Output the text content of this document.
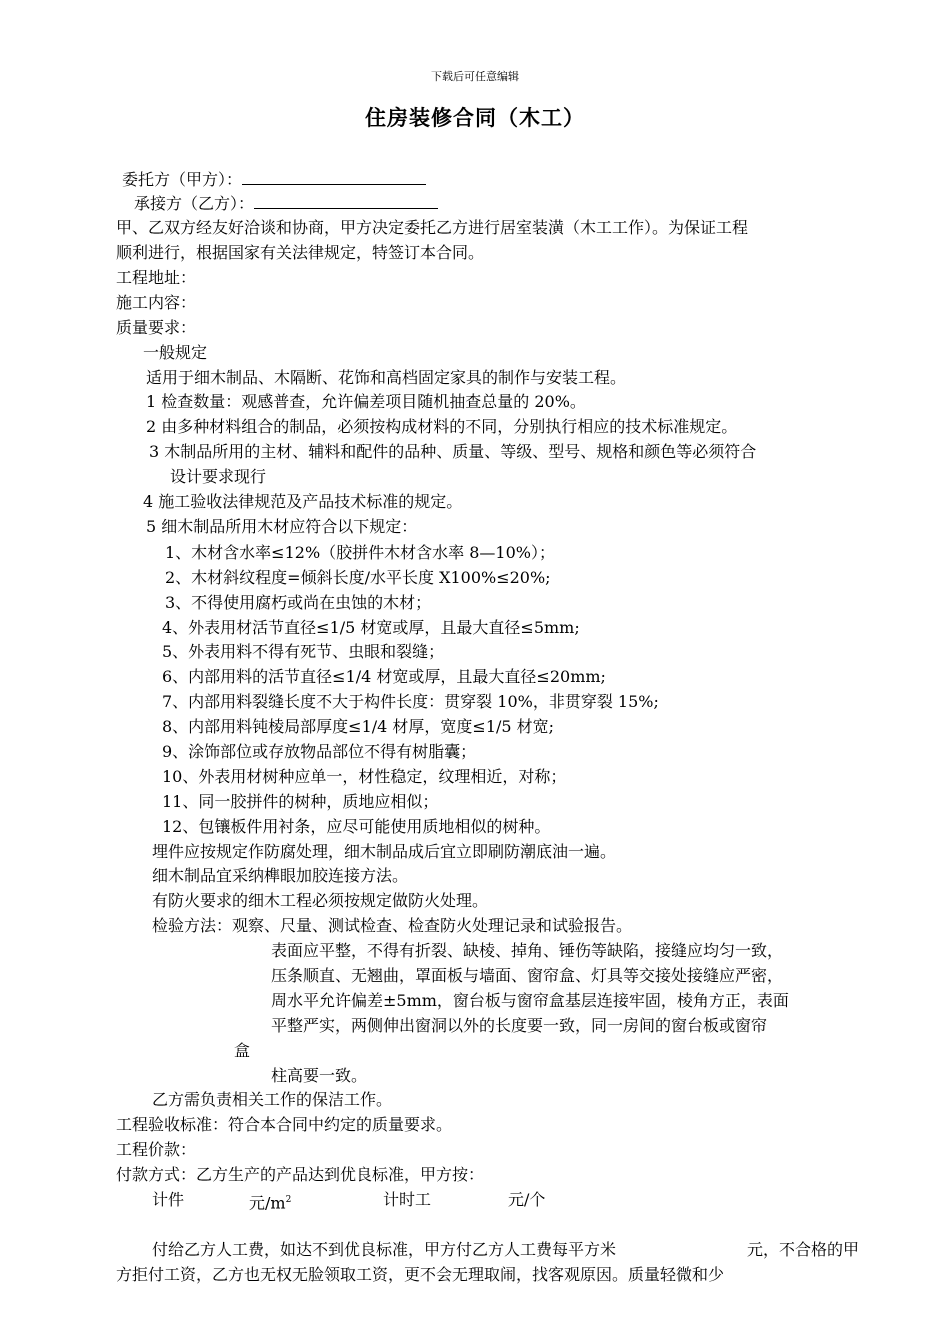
下载后可任意编辑
住房装修合同（木工）
委托方（甲方）：
承接方（乙方）：
甲、乙双方经友好洽谈和协商，甲方决定委托乙方进行居室装潢（木工工作）。为保证工程
顺利进行，根据国家有关法律规定，特签订本合同。
工程地址：
施工内容：
质量要求：
一般规定
适用于细木制品、木隔断、花饰和高档固定家具的制作与安装工程。
1 检查数量：观感普查，允许偏差项目随机抽查总量的 20%。
2 由多种材料组合的制品，必须按构成材料的不同，分别执行相应的技术标准规定。
3 木制品所用的主材、辅料和配件的品种、质量、等级、型号、规格和颜色等必须符合
设计要求现行
4 施工验收法律规范及产品技术标准的规定。
5 细木制品所用木材应符合以下规定：
1、木材含水率≤12%（胶拼件木材含水率 8—10%）；
2、木材斜纹程度=倾斜长度/水平长度 X100%≤20%;
3、不得使用腐朽或尚在虫蚀的木材；
4、外表用材活节直径≤1/5 材宽或厚，且最大直径≤5mm;
5、外表用料不得有死节、虫眼和裂缝；
6、内部用料的活节直径≤1/4 材宽或厚，且最大直径≤20mm;
7、内部用料裂缝长度不大于构件长度：贯穿裂 10%，非贯穿裂 15%;
8、内部用料钝棱局部厚度≤1/4 材厚，宽度≤1/5 材宽;
9、涂饰部位或存放物品部位不得有树脂囊；
10、外表用材树种应单一，材性稳定，纹理相近，对称；
11、同一胶拼件的树种，质地应相似；
12、包镶板件用衬条，应尽可能使用质地相似的树种。
埋件应按规定作防腐处理，细木制品成后宜立即刷防潮底油一遍。
细木制品宜采纳榫眼加胶连接方法。
有防火要求的细木工程必须按规定做防火处理。
检验方法：观察、尺量、测试检查、检查防火处理记录和试验报告。
表面应平整，不得有折裂、缺棱、掉角、锤伤等缺陷，接缝应均匀一致，
压条顺直、无翘曲，罩面板与墙面、窗帘盒、灯具等交接处接缝应严密，
周水平允许偏差±5mm，窗台板与窗帘盒基层连接牢固，棱角方正，表面
平整严实，两侧伸出窗洞以外的长度要一致，同一房间的窗台板或窗帘
盒
柱高要一致。
乙方需负责相关工作的保洁工作。
工程验收标准：符合本合同中约定的质量要求。
工程价款：
付款方式：乙方生产的产品达到优良标准，甲方按：
计件	元$/m^2$	计时工	元/个
付给乙方人工费，如达不到优良标准，甲方付乙方人工费每平方米	元，不合格的甲
方拒付工资，乙方也无权无脸领取工资，更不会无理取闹，找客观原因。质量轻微和少
